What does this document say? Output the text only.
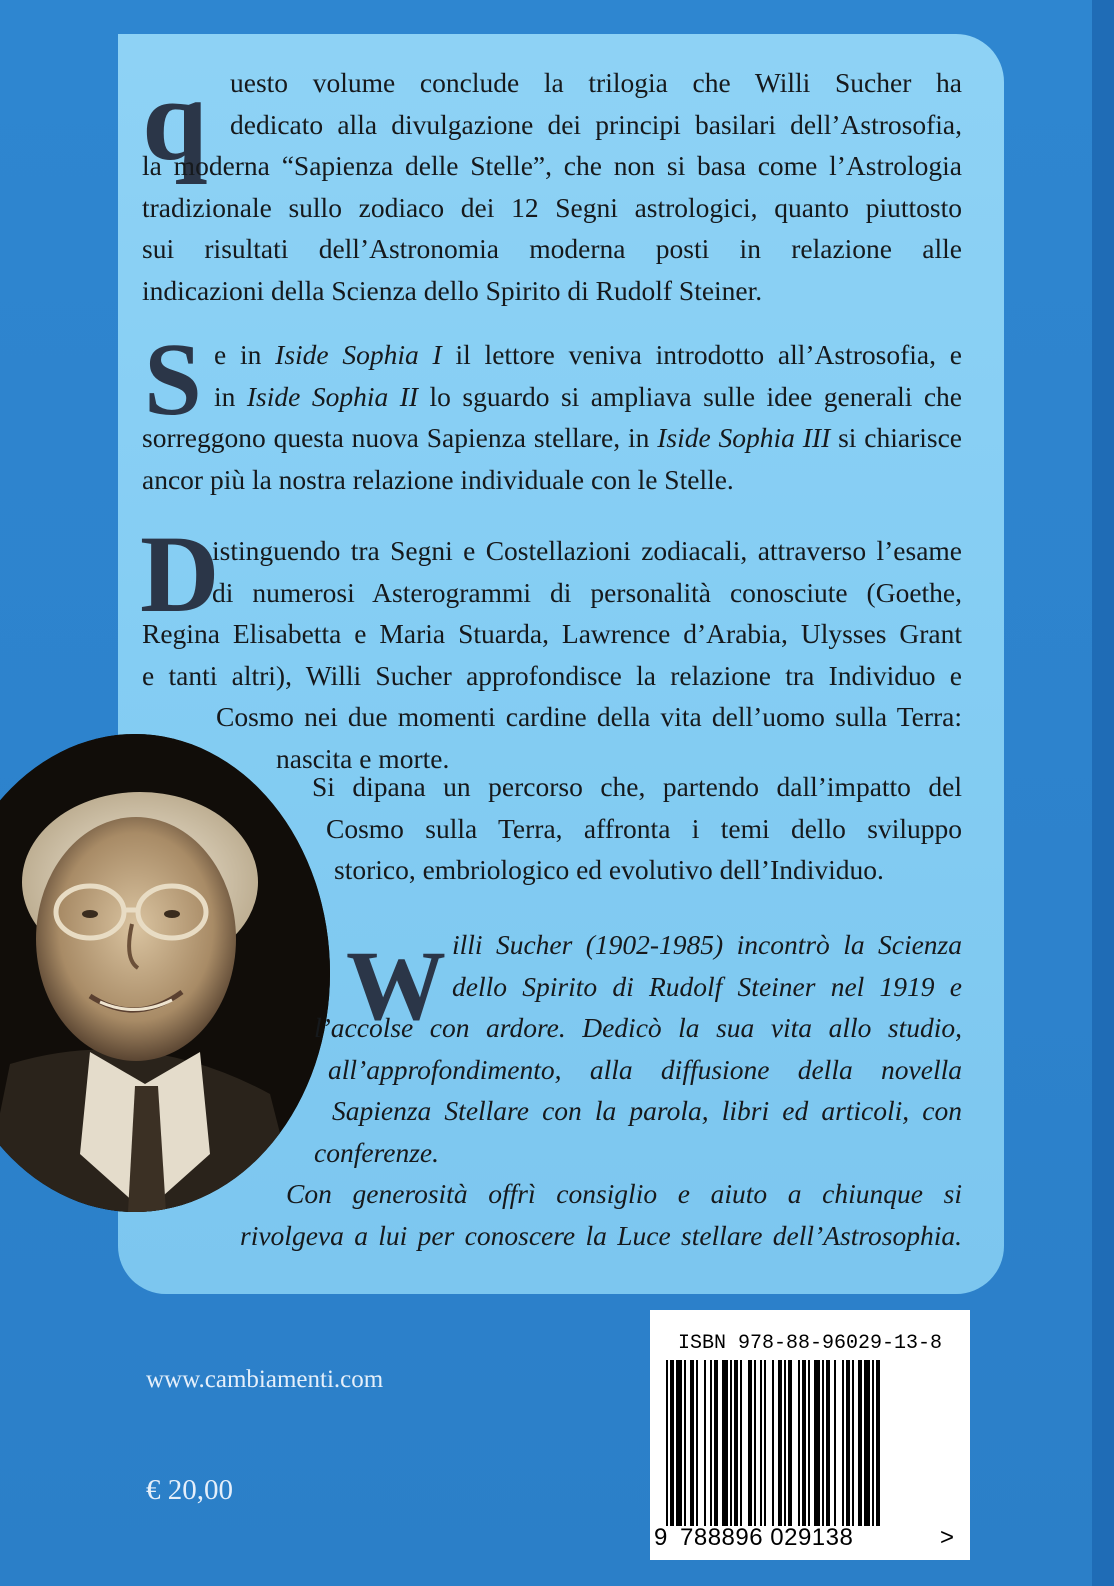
q uesto volume conclude la trilogia che Willi Sucher ha

dedicato alla divulgazione dei principi basilari dell’Astrosofia,

la moderna “Sapienza delle Stelle”, che non si basa come l’Astrologia

tradizionale sullo zodiaco dei 12 Segni astrologici, quanto piuttosto

sui risultati dell’Astronomia moderna posti in relazione alle

indicazioni della Scienza dello Spirito di Rudolf Steiner.

S e in Iside Sophia I il lettore veniva introdotto all’Astrosofia, e

in Iside Sophia II lo sguardo si ampliava sulle idee generali che

sorreggono questa nuova Sapienza stellare, in Iside Sophia III si chiarisce

ancor più la nostra relazione individuale con le Stelle.

D

istinguendo tra Segni e Costellazioni zodiacali, attraverso l’esame

di numerosi Asterogrammi di personalità conosciute (Goethe,

Regina Elisabetta e Maria Stuarda, Lawrence d’Arabia, Ulysses Grant

e tanti altri), Willi Sucher approfondisce la relazione tra Individuo e

Cosmo nei due momenti cardine della vita dell’uomo sulla Terra:

nascita e morte.

Si dipana un percorso che, partendo dall’impatto del

Cosmo sulla Terra, affronta i temi dello sviluppo

storico, embriologico ed evolutivo dell’Individuo.

W illi Sucher (1902-1985) incontrò la Scienza

dello Spirito di Rudolf Steiner nel 1919 e

l’accolse con ardore. Dedicò la sua vita allo studio,

all’approfondimento, alla diffusione della novella

Sapienza Stellare con la parola, libri ed articoli, con

conferenze.

Con generosità offrì consiglio e aiuto a chiunque si

rivolgeva a lui per conoscere la Luce stellare dell’Astrosophia.

www.cambiamenti.com
€ 20,00
ISBN 978-88-96029-13-8
9 788896 029138	>
